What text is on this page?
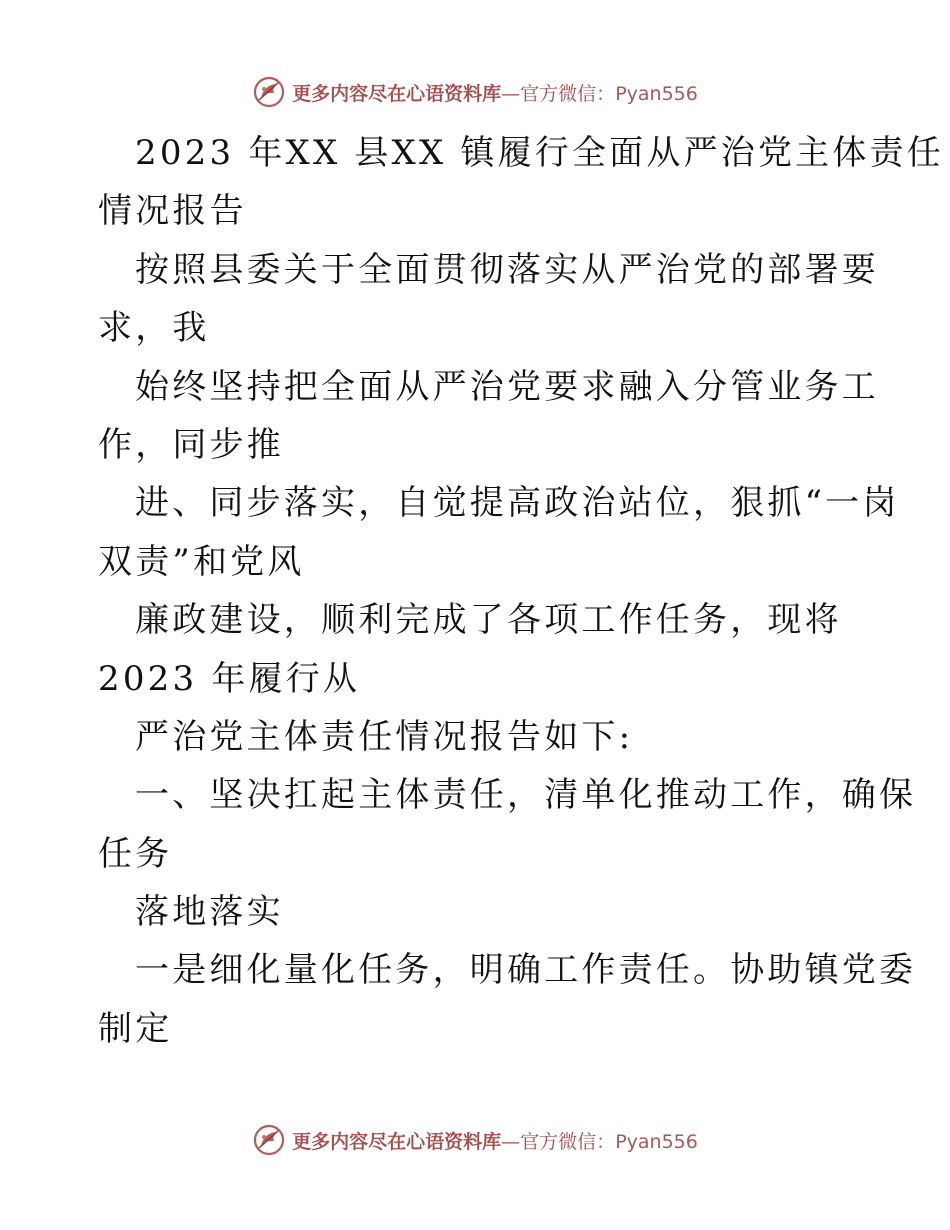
更多内容尽在心语资料库—官方微信：Pyan556
2023 年XX 县XX 镇履行全面从严治党主体责任
情况报告
按照县委关于全面贯彻落实从严治党的部署要
求，我
始终坚持把全面从严治党要求融入分管业务工
作，同步推
进、同步落实，自觉提高政治站位，狠抓“一岗
双责”和党风
廉政建设，顺利完成了各项工作任务，现将
2023 年履行从
严治党主体责任情况报告如下:
一、坚决扛起主体责任，清单化推动工作，确保
任务
落地落实
一是细化量化任务，明确工作责任。协助镇党委
制定
更多内容尽在心语资料库—官方微信：Pyan556
